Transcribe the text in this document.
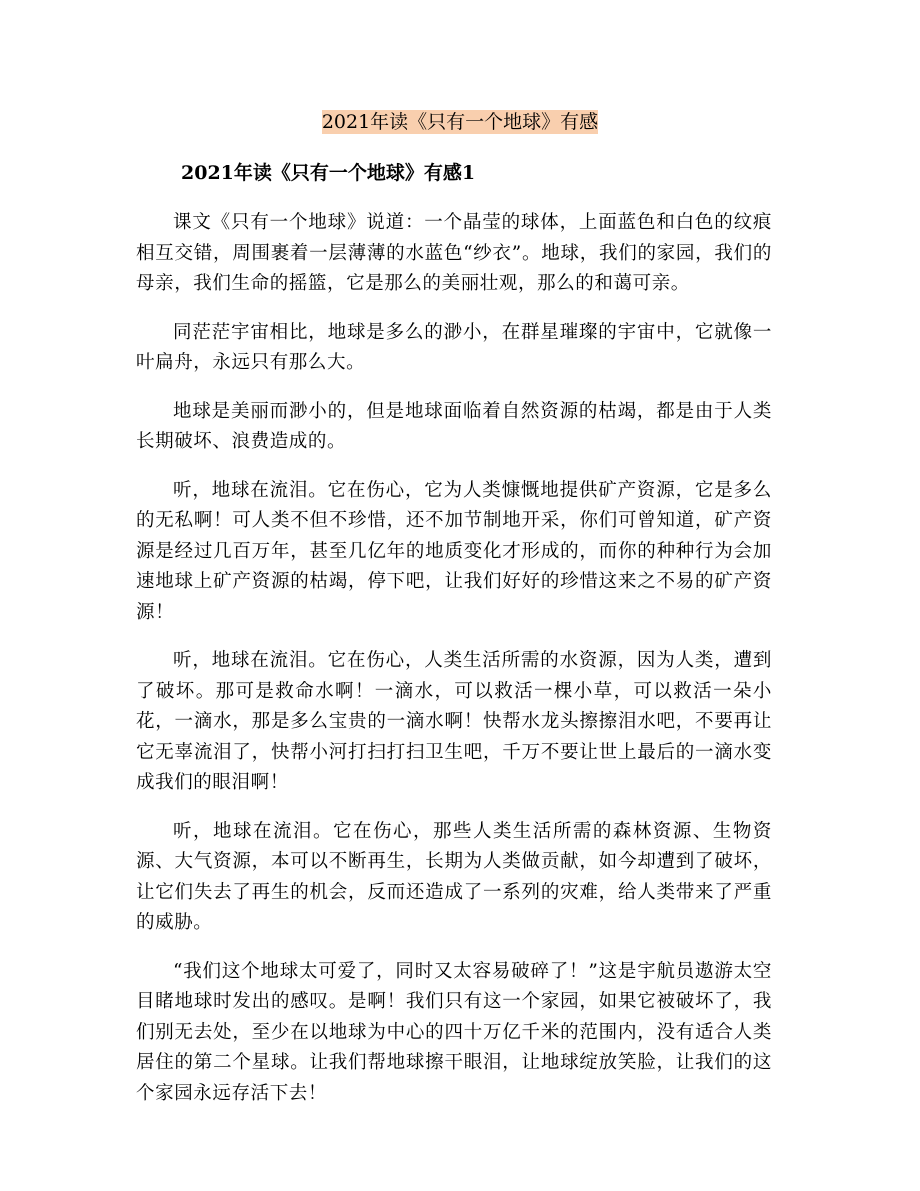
2021年读《只有一个地球》有感
2021年读《只有一个地球》有感1

课文《只有一个地球》说道：一个晶莹的球体，上面蓝色和白色的纹痕相互交错，周围裹着一层薄薄的水蓝色“纱衣”。地球，我们的家园，我们的母亲，我们生命的摇篮，它是那么的美丽壮观，那么的和蔼可亲。

同茫茫宇宙相比，地球是多么的渺小，在群星璀璨的宇宙中，它就像一叶扁舟，永远只有那么大。

地球是美丽而渺小的，但是地球面临着自然资源的枯竭，都是由于人类长期破坏、浪费造成的。

听，地球在流泪。它在伤心，它为人类慷慨地提供矿产资源，它是多么的无私啊！可人类不但不珍惜，还不加节制地开采，你们可曾知道，矿产资源是经过几百万年，甚至几亿年的地质变化才形成的，而你的种种行为会加速地球上矿产资源的枯竭，停下吧，让我们好好的珍惜这来之不易的矿产资源！

听，地球在流泪。它在伤心，人类生活所需的水资源，因为人类，遭到了破坏。那可是救命水啊！一滴水，可以救活一棵小草，可以救活一朵小花，一滴水，那是多么宝贵的一滴水啊！快帮水龙头擦擦泪水吧，不要再让它无辜流泪了，快帮小河打扫打扫卫生吧，千万不要让世上最后的一滴水变成我们的眼泪啊！

听，地球在流泪。它在伤心，那些人类生活所需的森林资源、生物资源、大气资源，本可以不断再生，长期为人类做贡献，如今却遭到了破坏，让它们失去了再生的机会，反而还造成了一系列的灾难，给人类带来了严重的威胁。

“我们这个地球太可爱了，同时又太容易破碎了！”这是宇航员遨游太空目睹地球时发出的感叹。是啊！我们只有这一个家园，如果它被破坏了，我们别无去处，至少在以地球为中心的四十万亿千米的范围内，没有适合人类居住的第二个星球。让我们帮地球擦干眼泪，让地球绽放笑脸，让我们的这个家园永远存活下去！
